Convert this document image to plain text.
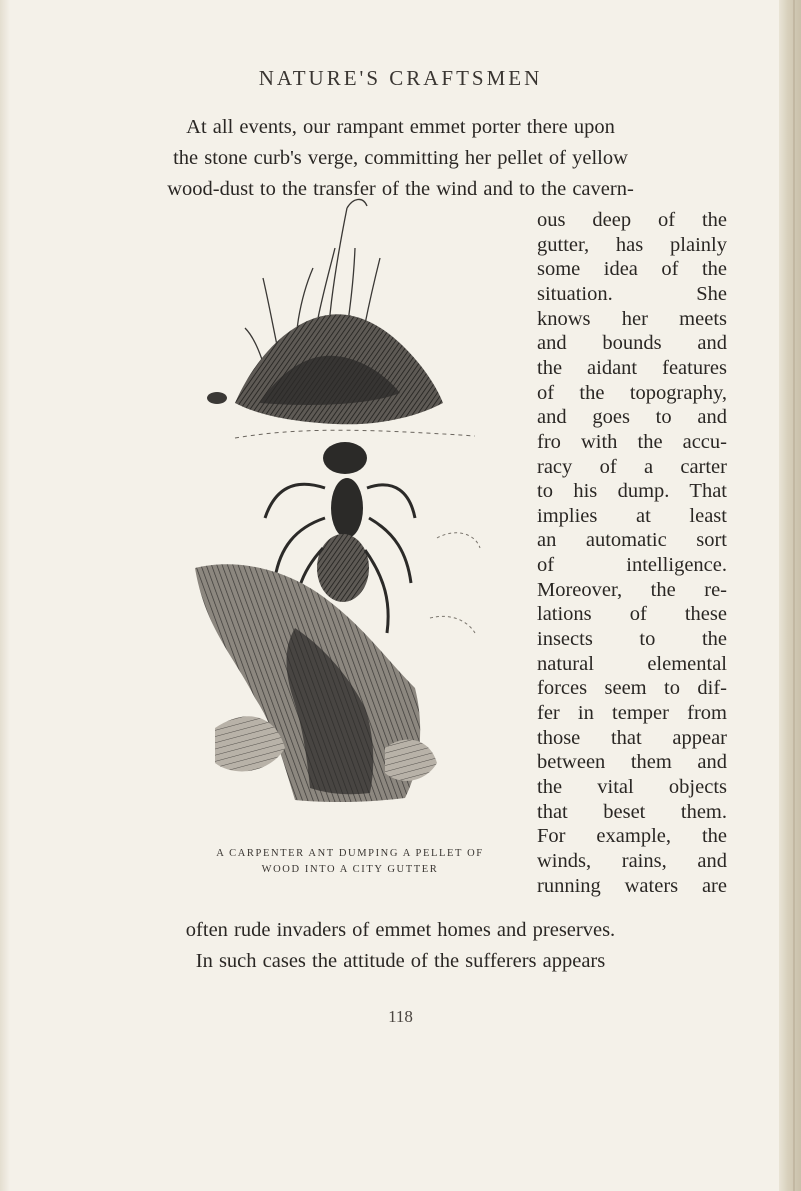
NATURE'S CRAFTSMEN
At all events, our rampant emmet porter there upon
the stone curb's verge, committing her pellet of yellow
wood-dust to the transfer of the wind and to the cavern-
ous deep of the
gutter, has plainly
some idea of the
situation. She
knows her meets
and bounds and
the aidant features
of the topography,
and goes to and
fro with the accu-
racy of a carter
to his dump. That
implies at least
an automatic sort
of intelligence.
Moreover, the re-
lations of these
insects to the
natural elemental
forces seem to dif-
fer in temper from
those that appear
between them and
the vital objects
that beset them.
For example, the
winds, rains, and
running waters are
A CARPENTER ANT DUMPING A PELLET OF
WOOD INTO A CITY GUTTER
often rude invaders of emmet homes and preserves.
In such cases the attitude of the sufferers appears
118
